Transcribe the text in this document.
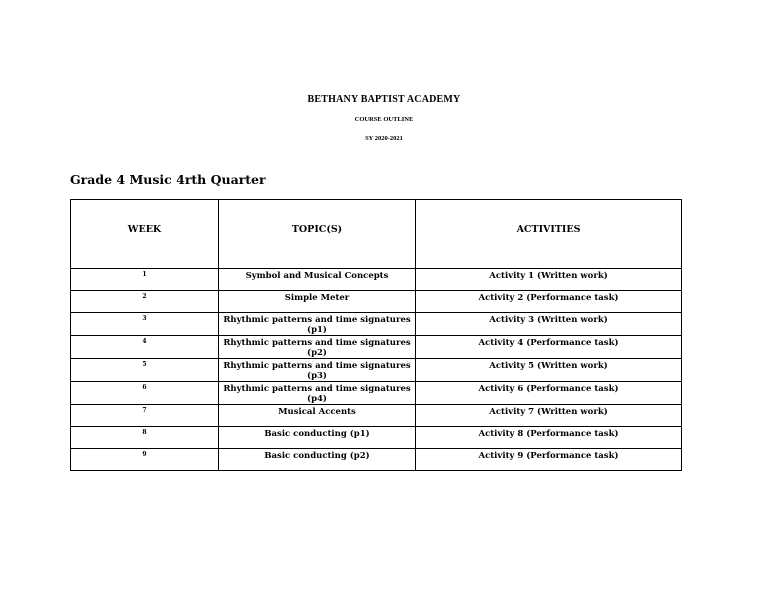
BETHANY BAPTIST ACADEMY
COURSE OUTLINE
SY 2020-2021
Grade 4 Music 4rth Quarter
WEEK	TOPIC(S)	ACTIVITIES
1	Symbol and Musical Concepts	Activity 1 (Written work)
2	Simple Meter	Activity 2 (Performance task)
3	Rhythmic patterns and time signatures (p1)	Activity 3 (Written work)
4	Rhythmic patterns and time signatures (p2)	Activity 4 (Performance task)
5	Rhythmic patterns and time signatures (p3)	Activity 5 (Written work)
6	Rhythmic patterns and time signatures (p4)	Activity 6 (Performance task)
7	Musical Accents	Activity 7 (Written work)
8	Basic conducting (p1)	Activity 8 (Performance task)
9	Basic conducting (p2)	Activity 9 (Performance task)
